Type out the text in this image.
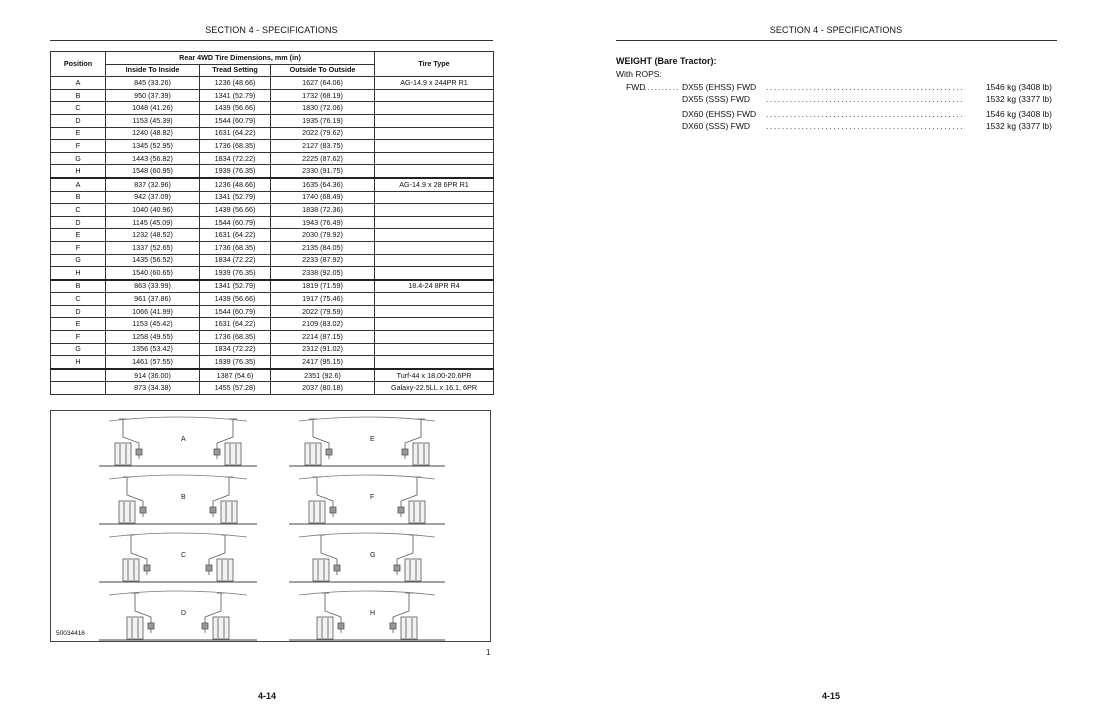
SECTION 4 - SPECIFICATIONS
Position	Rear 4WD Tire Dimensions, mm (in)			Tire Type
	Inside To Inside	Tread Setting	Outside To Outside	
A	845 (33.26)	1236 (48.66)	1627 (64.06)	AG-14.9 x 244PR R1
B	950 (37.39)	1341 (52.79)	1732 (68.19)	
C	1048 (41.26)	1439 (56.66)	1830 (72.06)	
D	1153 (45.39)	1544 (60.79)	1935 (76.19)	
E	1240 (48.82)	1631 (64.22)	2022 (79.62)	
F	1345 (52.95)	1736 (68.35)	2127 (83.75)	
G	1443 (56.82)	1834 (72.22)	2225 (87.62)	
H	1548 (60.95)	1939 (76.35)	2330 (91.75)	
A	837 (32.96)	1236 (48.66)	1635 (64.36)	AG-14.9 x 28 6PR R1
B	942 (37.09)	1341 (52.79)	1740 (68.49)	
C	1040 (40.96)	1439 (56.66)	1838 (72.36)	
D	1145 (45.09)	1544 (60.79)	1943 (76.49)	
E	1232 (48.52)	1631 (64.22)	2030 (79.92)	
F	1337 (52.65)	1736 (68.35)	2135 (84.05)	
G	1435 (56.52)	1834 (72.22)	2233 (87.92)	
H	1540 (60.65)	1939 (76.35)	2338 (92.05)	
B	863 (33.99)	1341 (52.79)	1819 (71.59)	18.4-24 8PR R4
C	961 (37.86)	1439 (56.66)	1917 (75.46)	
D	1066 (41.99)	1544 (60.79)	2022 (79.59)	
E	1153 (45.42)	1631 (64.22)	2109 (83.02)	
F	1258 (49.55)	1736 (68.35)	2214 (87.15)	
G	1356 (53.42)	1834 (72.22)	2312 (91.02)	
H	1461 (57.55)	1939 (76.35)	2417 (95.15)	
	914 (36.00)	1387 (54.6)	2351 (92.6)	Turf-44 x 18.00-20.6PR
	873 (34.38)	1455 (57.28)	2037 (80.18)	Galaxy-22.5LL x 16.1, 6PR
A
B
C
D
E
F
G
H
50034416
1
4-14
SECTION 4 - SPECIFICATIONS
WEIGHT (Bare Tractor):
With ROPS:
FWD
.......... DX55 (EHSS) FWD ..................................................	1546 kg (3408 lb)
DX55 (SSS) FWD ..................................................	1532 kg (3377 lb)
DX60 (EHSS) FWD ..................................................	1546 kg (3408 lb)
DX60 (SSS) FWD ..................................................	1532 kg (3377 lb)
4-15
